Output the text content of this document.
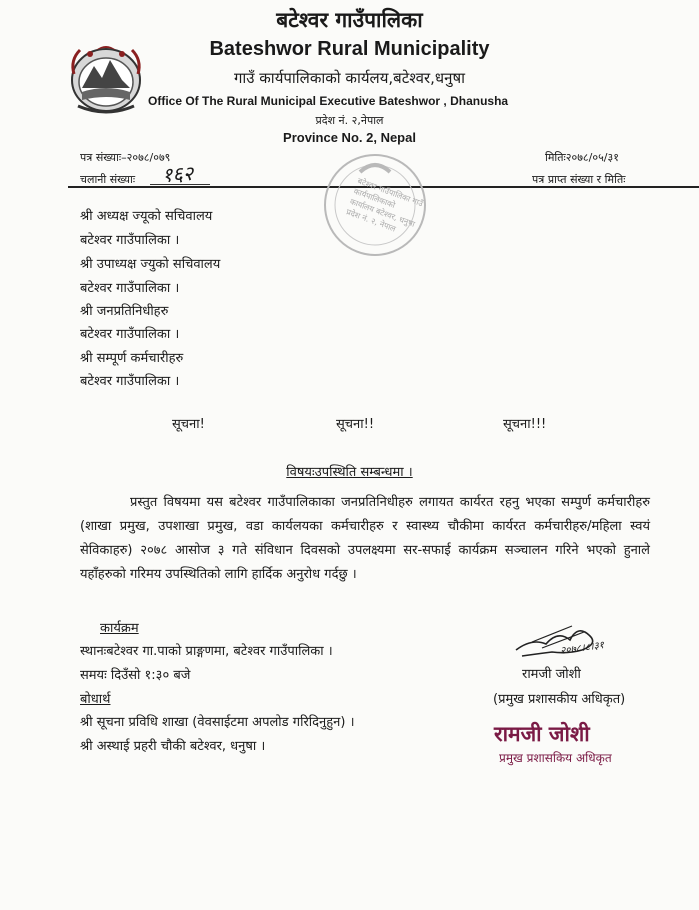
बटेश्वर गाउँपालिका
Bateshwor Rural Municipality
गाउँ कार्यपालिकाको कार्यलय,बटेश्वर,धनुषा
Office Of The Rural Municipal Executive Bateshwor , Dhanusha
प्रदेश नं. २,नेपाल
Province No. 2, Nepal
पत्र संख्याः–२०७८/०७९
चलानी संख्याः १६२
मितिः२०७८/०५/३१
पत्र प्राप्त संख्या र मितिः
बटेश्वर गाउँपालिका गाउँ कार्यपालिकाको कार्यालय बटेश्वर, धनुषा प्रदेश नं. २, नेपाल
श्री अध्यक्ष ज्यूको सचिवालय
बटेश्वर गाउँपालिका ।
श्री उपाध्यक्ष ज्युको सचिवालय
बटेश्वर गाउँपालिका ।
श्री जनप्रतिनिधीहरु
बटेश्वर गाउँपालिका ।
श्री सम्पूर्ण कर्मचारीहरु
बटेश्वर गाउँपालिका ।
सूचना!	सूचना!!	सूचना!!!
विषयःउपस्थिति सम्बन्धमा ।
प्रस्तुत विषयमा यस बटेश्वर गाउँपालिकाका जनप्रतिनिधीहरु लगायत कार्यरत रहनु भएका सम्पुर्ण कर्मचारीहरु (शाखा प्रमुख, उपशाखा प्रमुख, वडा कार्यलयका कर्मचारीहरु र स्वास्थ्य चौकीमा कार्यरत कर्मचारीहरु/महिला स्वयं सेविकाहरु) २०७८ आसोज ३ गते संविधान दिवसको उपलक्ष्यमा सर-सफाई कार्यक्रम सञ्चालन गरिने भएको हुनाले यहाँहरुको गरिमय उपस्थितिको लागि हार्दिक अनुरोध गर्दछु ।
कार्यक्रम
स्थानःबटेश्वर गा.पाको प्राङ्गणमा, बटेश्वर गाउँपालिका ।
समयः दिउँसो १:३० बजे
बोधार्थ
श्री सूचना प्रविधि शाखा (वेवसाईटमा अपलोड गरिदिनुहुन) ।
श्री अस्थाई प्रहरी चौकी बटेश्वर, धनुषा ।
२०७८।८।३१
रामजी जोशी
(प्रमुख प्रशासकीय अधिकृत)
रामजी जोशी
प्रमुख प्रशासकिय अधिकृत
